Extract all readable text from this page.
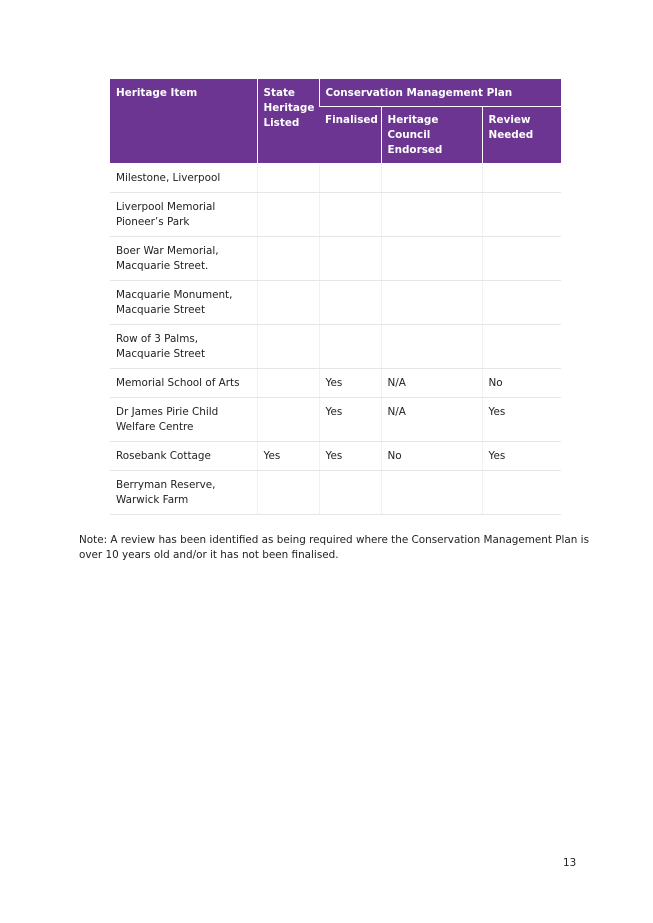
Heritage Item	State Heritage Listed	Conservation Management Plan		
		Finalised	Heritage Council Endorsed	Review Needed
Milestone, Liverpool				
Liverpool Memorial Pioneer’s Park				
Boer War Memorial, Macquarie Street.				
Macquarie Monument, Macquarie Street				
Row of 3 Palms, Macquarie Street				
Memorial School of Arts		Yes	N/A	No
Dr James Pirie Child Welfare Centre		Yes	N/A	Yes
Rosebank Cottage	Yes	Yes	No	Yes
Berryman Reserve, Warwick Farm				

Note: A review has been identified as being required where the Conservation Management Plan is over 10 years old and/or it has not been finalised.

13
